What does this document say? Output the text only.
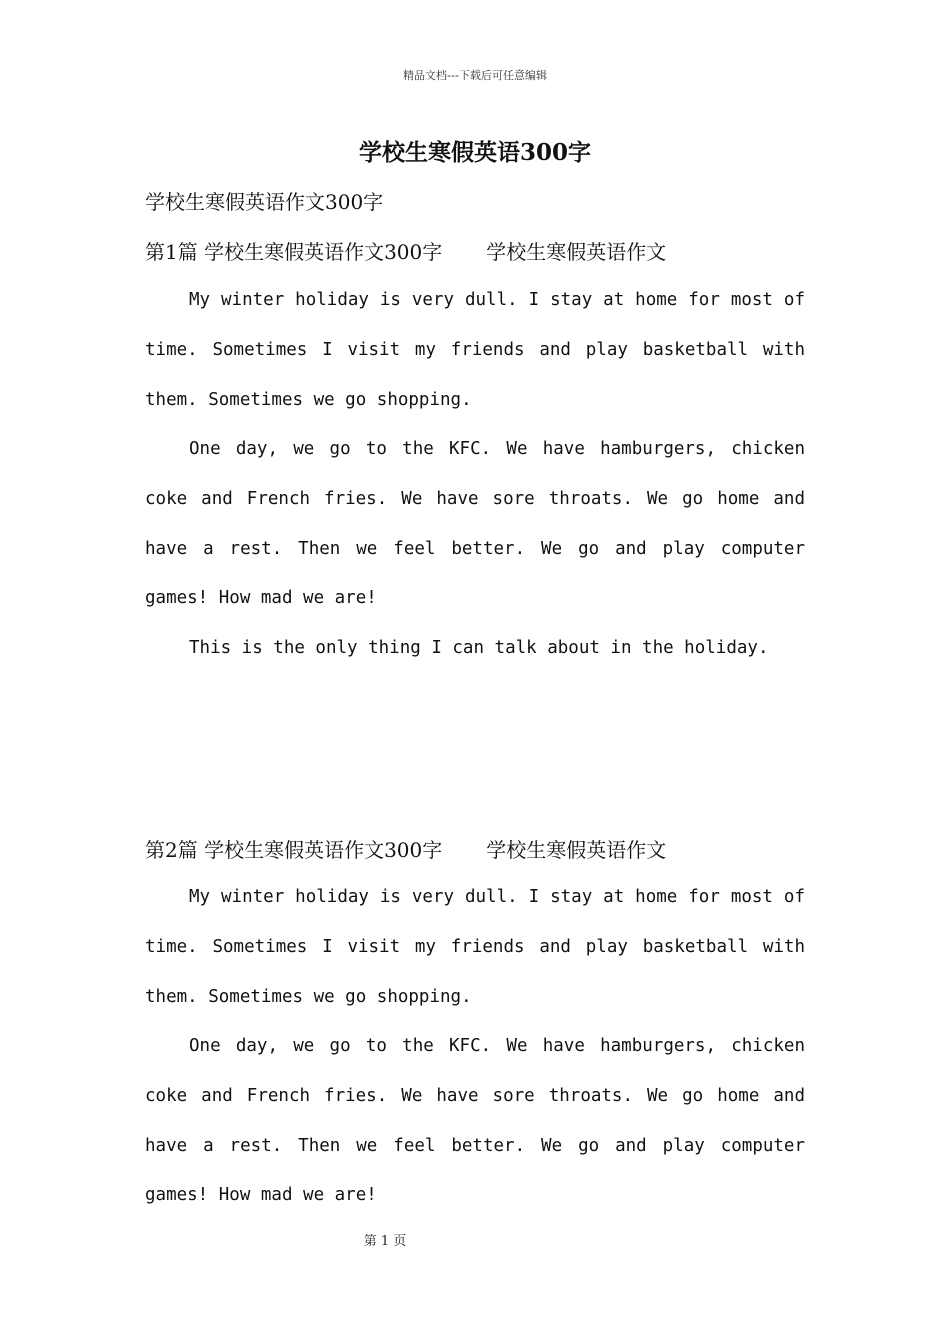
精品文档---下载后可任意编辑
学校生寒假英语300字
学校生寒假英语作文300字
第1篇 学校生寒假英语作文300字 学校生寒假英语作文
My winter holiday is very dull. I stay at home for most of time. Sometimes I visit my friends and play basketball with them. Sometimes we go shopping.
One day, we go to the KFC. We have hamburgers, chicken coke and French fries. We have sore throats. We go home and have a rest. Then we feel better. We go and play computer games! How mad we are!
This is the only thing I can talk about in the holiday.
第2篇 学校生寒假英语作文300字 学校生寒假英语作文
My winter holiday is very dull. I stay at home for most of time. Sometimes I visit my friends and play basketball with them. Sometimes we go shopping.
One day, we go to the KFC. We have hamburgers, chicken coke and French fries. We have sore throats. We go home and have a rest. Then we feel better. We go and play computer games! How mad we are!
第 1 页
